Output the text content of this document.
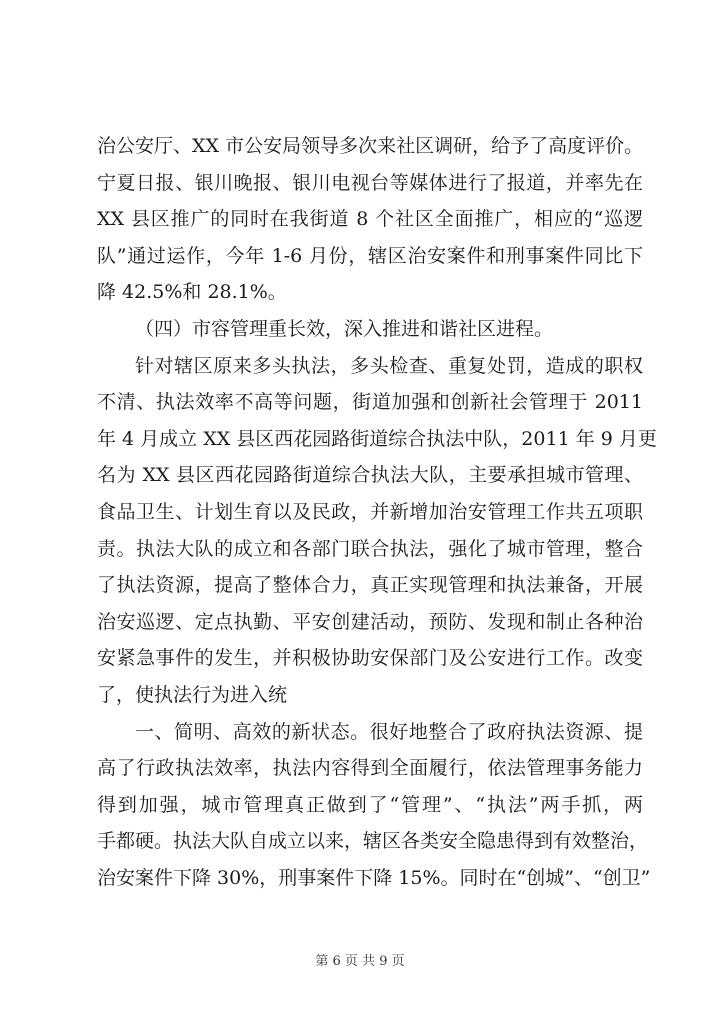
治公安厅、XX 市公安局领导多次来社区调研，给予了高度评价。
宁夏日报、银川晚报、银川电视台等媒体进行了报道，并率先在
XX 县区推广的同时在我街道 8 个社区全面推广，相应的“巡逻
队”通过运作，今年 1-6 月份，辖区治安案件和刑事案件同比下
降 42.5%和 28.1%。
（四）市容管理重长效，深入推进和谐社区进程。
针对辖区原来多头执法，多头检查、重复处罚，造成的职权
不清、执法效率不高等问题，街道加强和创新社会管理于 2011
年 4 月成立 XX 县区西花园路街道综合执法中队，2011 年 9 月更
名为 XX 县区西花园路街道综合执法大队，主要承担城市管理、
食品卫生、计划生育以及民政，并新增加治安管理工作共五项职
责。执法大队的成立和各部门联合执法，强化了城市管理，整合
了执法资源，提高了整体合力，真正实现管理和执法兼备，开展
治安巡逻、定点执勤、平安创建活动，预防、发现和制止各种治
安紧急事件的发生，并积极协助安保部门及公安进行工作。改变
了，使执法行为进入统
一、简明、高效的新状态。很好地整合了政府执法资源、提
高了行政执法效率，执法内容得到全面履行，依法管理事务能力
得到加强，城市管理真正做到了“管理”、“执法”两手抓，两
手都硬。执法大队自成立以来，辖区各类安全隐患得到有效整治，
治安案件下降 30%，刑事案件下降 15%。同时在“创城”、“创卫”
第 6 页 共 9 页
